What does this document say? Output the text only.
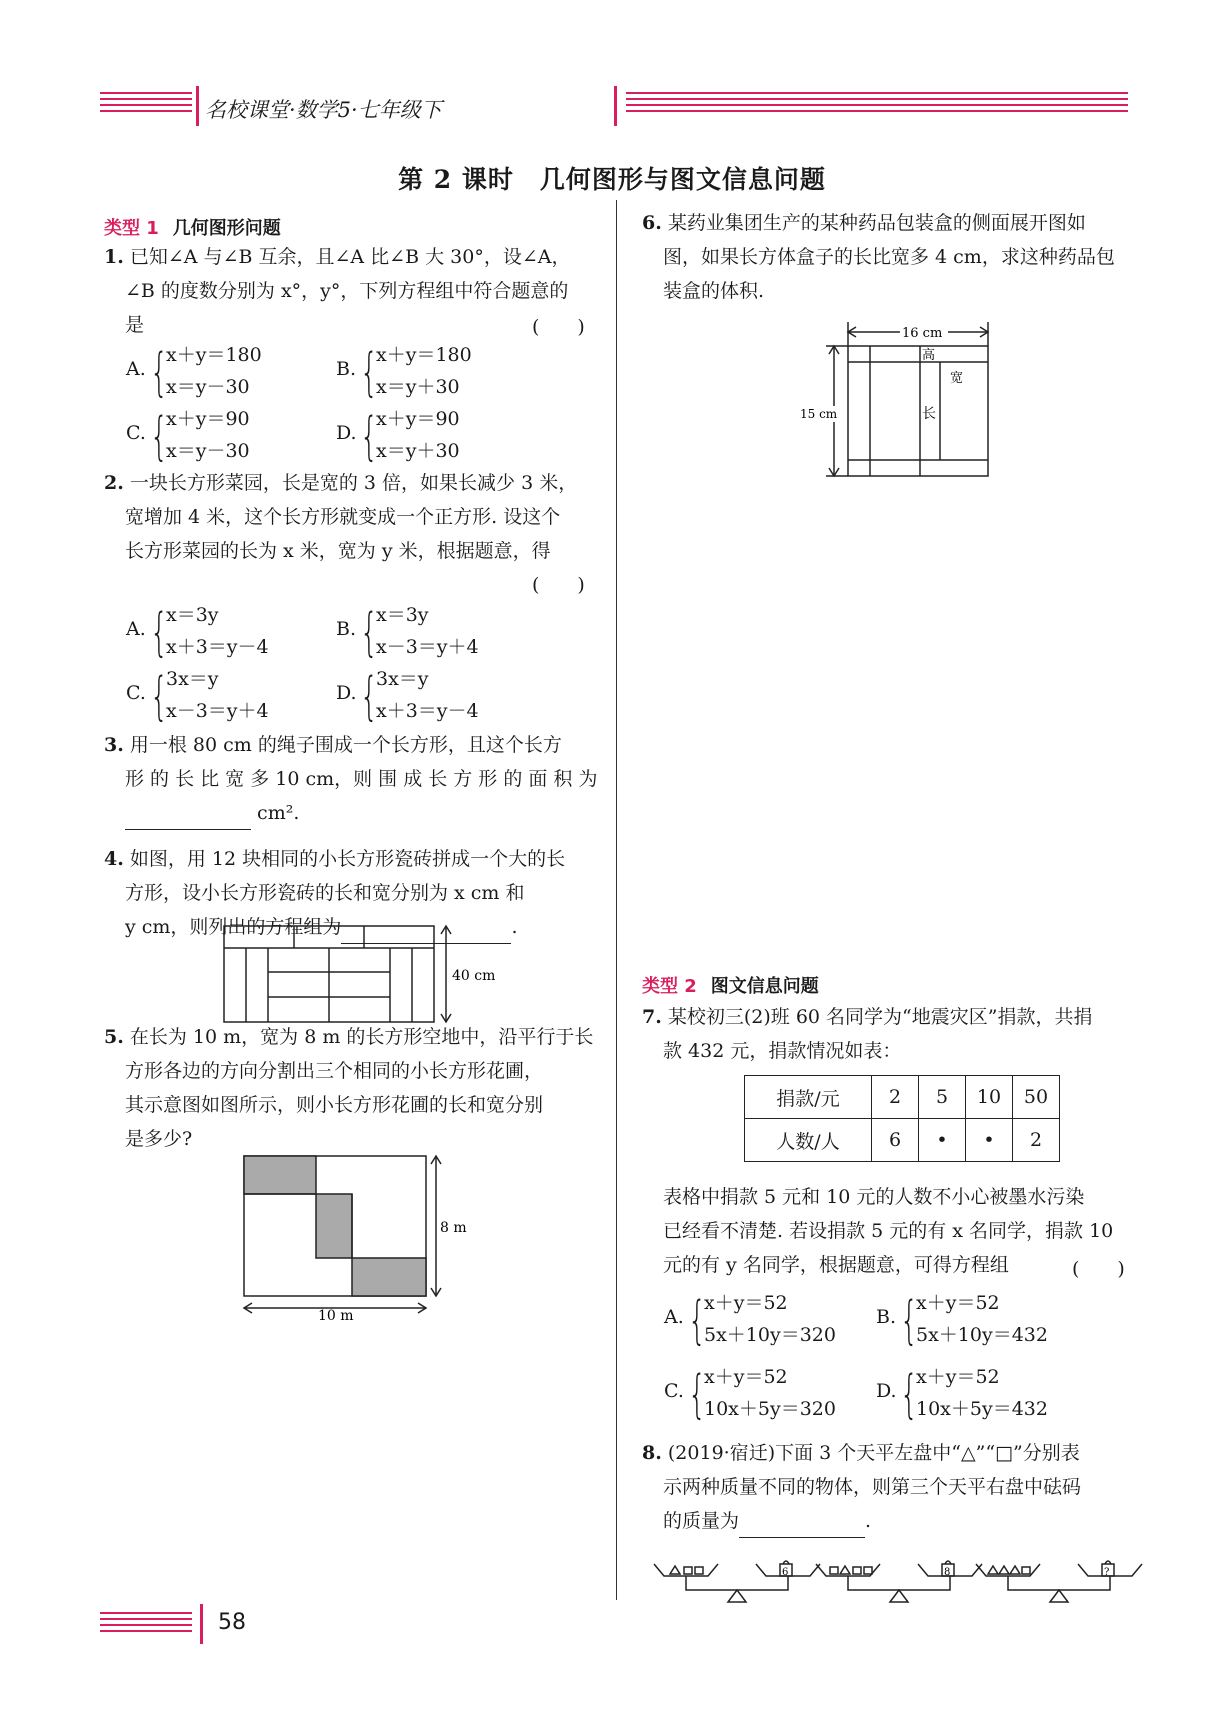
名校课堂·数学5·七年级下
第 2 课时　几何图形与图文信息问题
类型 1 几何图形问题
1. 已知∠A 与∠B 互余，且∠A 比∠B 大 30°，设∠A，
∠B 的度数分别为 x°，y°，下列方程组中符合题意的
是	(　　)
A. {
x＋y＝180
x＝y－30
B. {
x＋y＝180
x＝y＋30
C. {
x＋y＝90
x＝y－30
D. {
x＋y＝90
x＝y＋30
2. 一块长方形菜园，长是宽的 3 倍，如果长减少 3 米，
宽增加 4 米，这个长方形就变成一个正方形. 设这个
长方形菜园的长为 x 米，宽为 y 米，根据题意，得
(　　)
A. {
x＝3y
x＋3＝y－4
B. {
x＝3y
x－3＝y＋4
C. {
3x＝y
x－3＝y＋4
D. {
3x＝y
x＋3＝y－4
3. 用一根 80 cm 的绳子围成一个长方形，且这个长方
形 的 长 比 宽 多 10 cm，则 围 成 长 方 形 的 面 积 为
cm².
4. 如图，用 12 块相同的小长方形瓷砖拼成一个大的长
方形，设小长方形瓷砖的长和宽分别为 x cm 和
y cm，则列出的方程组为	.
40 cm
5. 在长为 10 m，宽为 8 m 的长方形空地中，沿平行于长
方形各边的方向分割出三个相同的小长方形花圃，
其示意图如图所示，则小长方形花圃的长和宽分别
是多少?
8 m
10 m
6. 某药业集团生产的某种药品包装盒的侧面展开图如
图，如果长方体盒子的长比宽多 4 cm，求这种药品包
装盒的体积.
16 cm
15 cm
高
宽
长
类型 2 图文信息问题
7. 某校初三(2)班 60 名同学为“地震灾区”捐款，共捐
款 432 元，捐款情况如表：
捐款/元	2	5	10	50
人数/人	6	•	•	2
表格中捐款 5 元和 10 元的人数不小心被墨水污染
已经看不清楚. 若设捐款 5 元的有 x 名同学，捐款 10
元的有 y 名同学，根据题意，可得方程组	(　　)
A. {
x＋y＝52
5x＋10y＝320
B. {
x＋y＝52
5x＋10y＝432
C. {
x＋y＝52
10x＋5y＝320
D. {
x＋y＝52
10x＋5y＝432
8. (2019·宿迁)下面 3 个天平左盘中“△”“□”分别表
示两种质量不同的物体，则第三个天平右盘中砝码
的质量为	.
6	8	?
58
